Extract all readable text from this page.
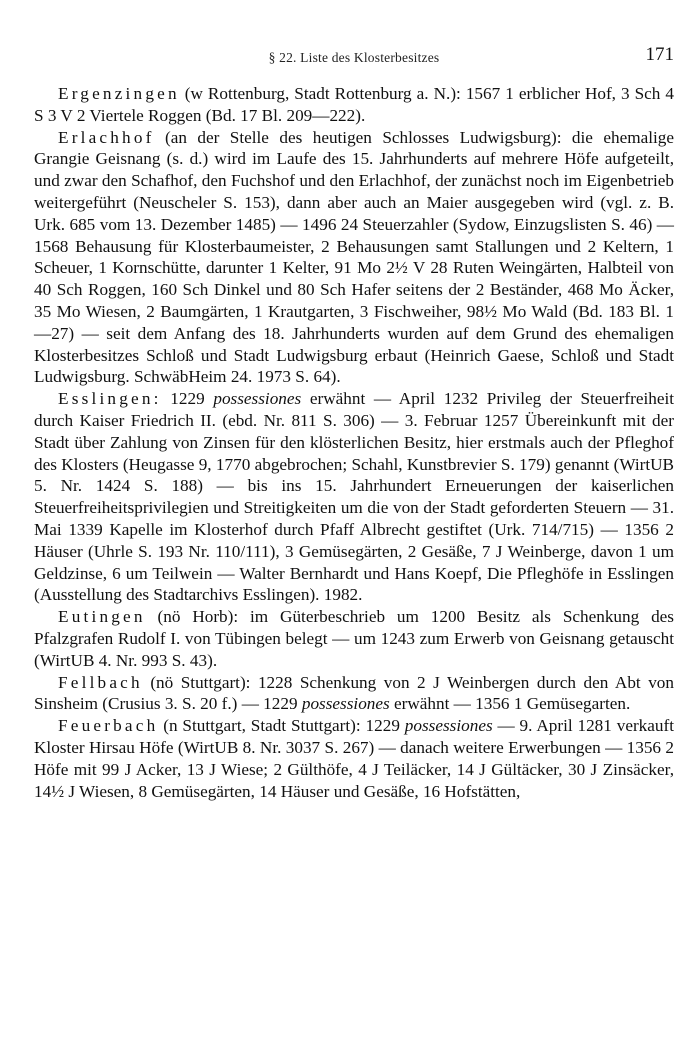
§ 22. Liste des Klosterbesitzes	171

Ergenzingen (w Rottenburg, Stadt Rottenburg a. N.): 1567 1 erblicher Hof, 3 Sch 4 S 3 V 2 Viertele Roggen (Bd. 17 Bl. 209—222).

Erlachhof (an der Stelle des heutigen Schlosses Ludwigsburg): die ehemalige Grangie Geisnang (s. d.) wird im Laufe des 15. Jahrhunderts auf mehrere Höfe aufgeteilt, und zwar den Schafhof, den Fuchshof und den Erlachhof, der zunächst noch im Eigenbetrieb weitergeführt (Neuscheler S. 153), dann aber auch an Maier ausgegeben wird (vgl. z. B. Urk. 685 vom 13. Dezember 1485) — 1496 24 Steuerzahler (Sydow, Einzugslisten S. 46) — 1568 Behausung für Klosterbaumeister, 2 Behausungen samt Stallungen und 2 Keltern, 1 Scheuer, 1 Kornschütte, darunter 1 Kelter, 91 Mo 2½ V 28 Ruten Weingärten, Halbteil von 40 Sch Roggen, 160 Sch Dinkel und 80 Sch Hafer seitens der 2 Beständer, 468 Mo Äcker, 35 Mo Wiesen, 2 Baumgärten, 1 Krautgarten, 3 Fischweiher, 98½ Mo Wald (Bd. 183 Bl. 1—27) — seit dem Anfang des 18. Jahrhunderts wurden auf dem Grund des ehemaligen Klosterbesitzes Schloß und Stadt Ludwigsburg erbaut (Heinrich Gaese, Schloß und Stadt Ludwigsburg. SchwäbHeim 24. 1973 S. 64).

Esslingen: 1229 possessiones erwähnt — April 1232 Privileg der Steuerfreiheit durch Kaiser Friedrich II. (ebd. Nr. 811 S. 306) — 3. Februar 1257 Übereinkunft mit der Stadt über Zahlung von Zinsen für den klösterlichen Besitz, hier erstmals auch der Pfleghof des Klosters (Heugasse 9, 1770 abgebrochen; Schahl, Kunstbrevier S. 179) genannt (WirtUB 5. Nr. 1424 S. 188) — bis ins 15. Jahrhundert Erneuerungen der kaiserlichen Steuerfreiheitsprivilegien und Streitigkeiten um die von der Stadt geforderten Steuern — 31. Mai 1339 Kapelle im Klosterhof durch Pfaff Albrecht gestiftet (Urk. 714/715) — 1356 2 Häuser (Uhrle S. 193 Nr. 110/111), 3 Gemüsegärten, 2 Gesäße, 7 J Weinberge, davon 1 um Geldzinse, 6 um Teilwein — Walter Bernhardt und Hans Koepf, Die Pfleghöfe in Esslingen (Ausstellung des Stadtarchivs Esslingen). 1982.

Eutingen (nö Horb): im Güterbeschrieb um 1200 Besitz als Schenkung des Pfalzgrafen Rudolf I. von Tübingen belegt — um 1243 zum Erwerb von Geisnang getauscht (WirtUB 4. Nr. 993 S. 43).

Fellbach (nö Stuttgart): 1228 Schenkung von 2 J Weinbergen durch den Abt von Sinsheim (Crusius 3. S. 20 f.) — 1229 possessiones erwähnt — 1356 1 Gemüsegarten.

Feuerbach (n Stuttgart, Stadt Stuttgart): 1229 possessiones — 9. April 1281 verkauft Kloster Hirsau Höfe (WirtUB 8. Nr. 3037 S. 267) — danach weitere Erwerbungen — 1356 2 Höfe mit 99 J Acker, 13 J Wiese; 2 Gülthöfe, 4 J Teiläcker, 14 J Gültäcker, 30 J Zinsäcker, 14½ J Wiesen, 8 Gemüsegärten, 14 Häuser und Gesäße, 16 Hofstätten,
